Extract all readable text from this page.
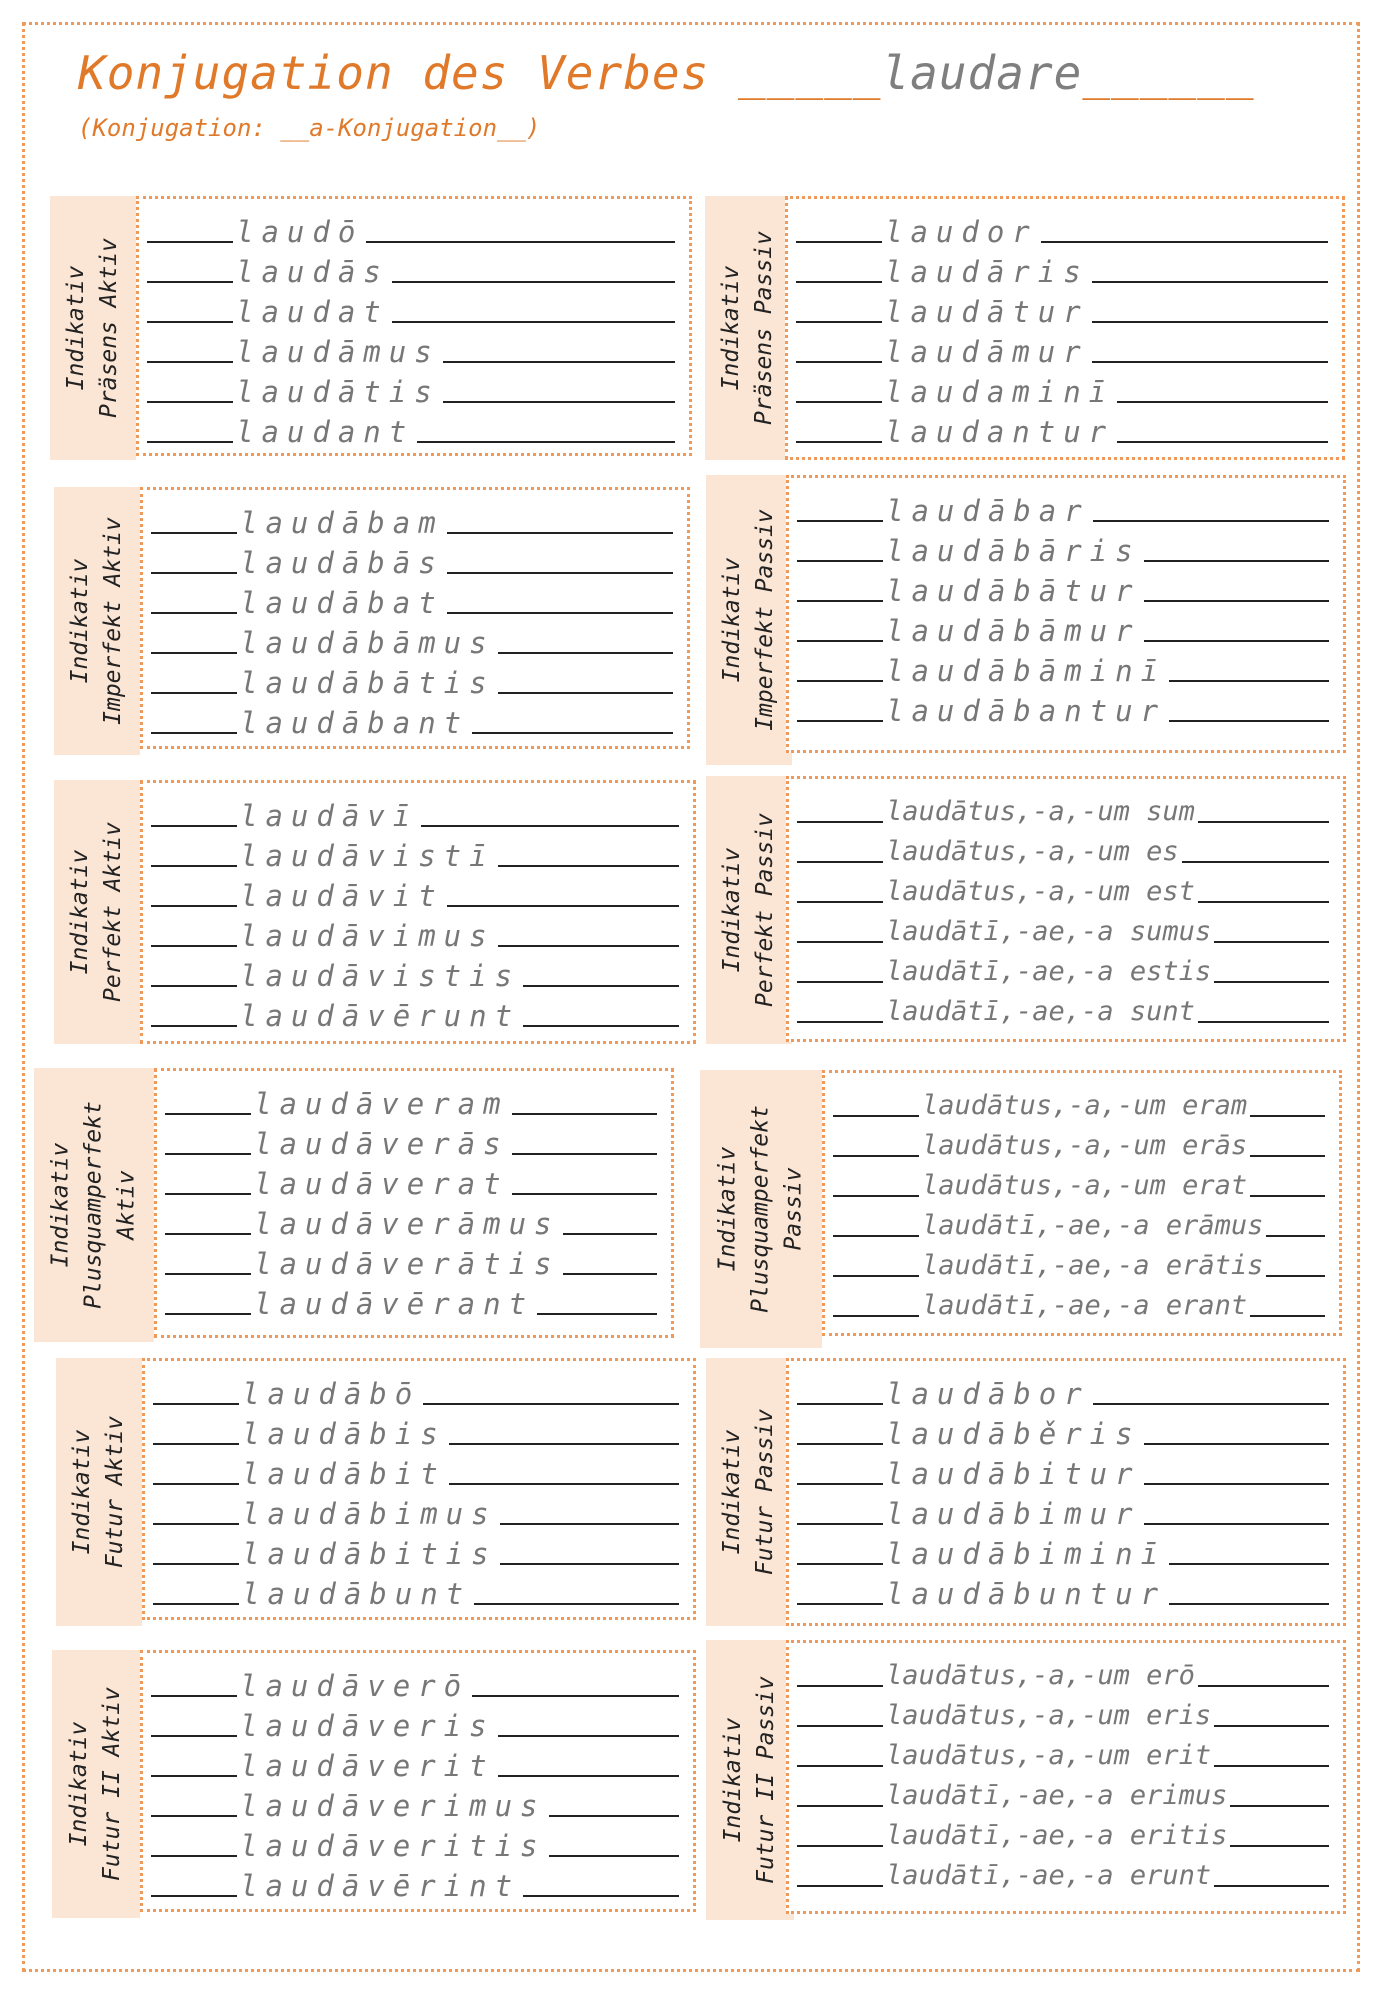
Konjugation des Verbes _____laudare______
(Konjugation: __a-Konjugation__)
Indikativ Präsens Aktiv
laudō
laudās
laudat
laudāmus
laudātis
laudant
Indikativ Präsens Passiv	laudor
laudāris
laudātur
laudāmur
laudaminī
laudantur
Indikativ Imperfekt Aktiv	laudābam
laudābās
laudābat
laudābāmus
laudābātis
laudābant
Indikativ Imperfekt Passiv	laudābar
laudābāris
laudābātur
laudābāmur
laudābāminī
laudābantur
Indikativ Perfekt Aktiv
laudāvī
laudāvistī
laudāvit
laudāvimus
laudāvistis
laudāvērunt
Indikativ Perfekt Passiv
laudātus,-a,-um sum
laudātus,-a,-um es
laudātus,-a,-um est
laudātī,-ae,-a sumus
laudātī,-ae,-a estis
laudātī,-ae,-a sunt
Indikativ Plusquamperfekt Aktiv
laudāveram
laudāverās
laudāverat
laudāverāmus
laudāverātis
laudāvērant
Indikativ Plusquamperfekt Passiv
laudātus,-a,-um eram
laudātus,-a,-um erās
laudātus,-a,-um erat
laudātī,-ae,-a erāmus
laudātī,-ae,-a erātis
laudātī,-ae,-a erant
Indikativ Futur Aktiv
laudābō
laudābis
laudābit
laudābimus
laudābitis
laudābunt
Indikativ Futur Passiv
laudābor
laudāběris
laudābitur
laudābimur
laudābiminī
laudābuntur
Indikativ Futur II Aktiv
laudāverō
laudāveris
laudāverit
laudāverimus
laudāveritis
laudāvērint
Indikativ Futur II Passiv
laudātus,-a,-um erō
laudātus,-a,-um eris
laudātus,-a,-um erit
laudātī,-ae,-a erimus
laudātī,-ae,-a eritis
laudātī,-ae,-a erunt
